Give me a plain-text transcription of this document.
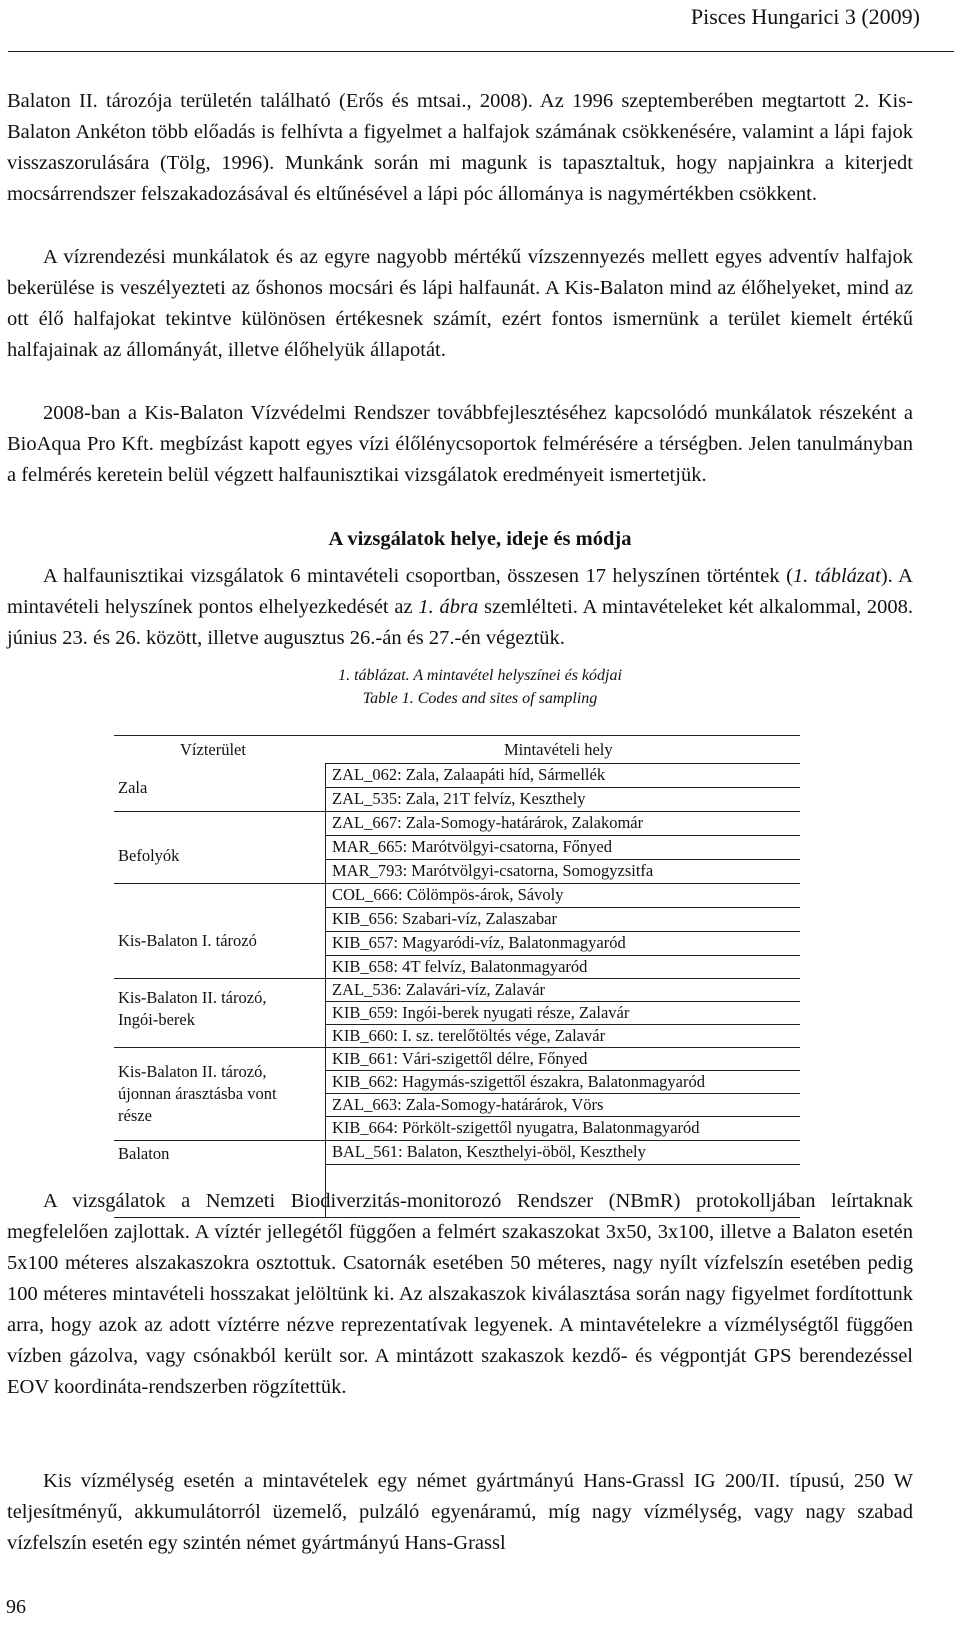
Pisces Hungarici 3 (2009)
Balaton II. tározója területén található (Erős és mtsai., 2008). Az 1996 szeptemberében megtartott 2. Kis-Balaton Ankéton több előadás is felhívta a figyelmet a halfajok számának csökkenésére, valamint a lápi fajok visszaszorulására (Tölg, 1996). Munkánk során mi magunk is tapasztaltuk, hogy napjainkra a kiterjedt mocsárrendszer felszakadozásával és eltűnésével a lápi póc állománya is nagymértékben csökkent.
A vízrendezési munkálatok és az egyre nagyobb mértékű vízszennyezés mellett egyes adventív halfajok bekerülése is veszélyezteti az őshonos mocsári és lápi halfaunát. A Kis-Balaton mind az élőhelyeket, mind az ott élő halfajokat tekintve különösen értékesnek számít, ezért fontos ismernünk a terület kiemelt értékű halfajainak az állományát, illetve élőhelyük állapotát.
2008-ban a Kis-Balaton Vízvédelmi Rendszer továbbfejlesztéséhez kapcsolódó munkálatok részeként a BioAqua Pro Kft. megbízást kapott egyes vízi élőlénycsoportok felmérésére a térségben. Jelen tanulmányban a felmérés keretein belül végzett halfaunisztikai vizsgálatok eredményeit ismertetjük.
A vizsgálatok helye, ideje és módja
A halfaunisztikai vizsgálatok 6 mintavételi csoportban, összesen 17 helyszínen történtek (1. táblázat). A mintavételi helyszínek pontos elhelyezkedését az 1. ábra szemlélteti. A mintavételeket két alkalommal, 2008. június 23. és 26. között, illetve augusztus 26.-án és 27.-én végeztük.
1. táblázat. A mintavétel helyszínei és kódjai
Table 1. Codes and sites of sampling
Vízterület	Mintavételi hely
Zala
Befolyók
Kis-Balaton I. tározó
Kis-Balaton II. tározó, Ingói-berek
Kis-Balaton II. tározó, újonnan árasztásba vont része
Balaton
ZAL_062: Zala, Zalaapáti híd, Sármellék
ZAL_535: Zala, 21T felvíz, Keszthely
ZAL_667: Zala-Somogy-határárok, Zalakomár
MAR_665: Marótvölgyi-csatorna, Főnyed
MAR_793: Marótvölgyi-csatorna, Somogyzsitfa
COL_666: Cölömpös-árok, Sávoly
KIB_656: Szabari-víz, Zalaszabar
KIB_657: Magyaródi-víz, Balatonmagyaród
KIB_658: 4T felvíz, Balatonmagyaród
ZAL_536: Zalavári-víz, Zalavár
KIB_659: Ingói-berek nyugati része, Zalavár
KIB_660: I. sz. terelőtöltés vége, Zalavár
KIB_661: Vári-szigettől délre, Főnyed
KIB_662: Hagymás-szigettől északra, Balatonmagyaród
ZAL_663: Zala-Somogy-határárok, Vörs
KIB_664: Pörkölt-szigettől nyugatra, Balatonmagyaród
BAL_561: Balaton, Keszthelyi-öböl, Keszthely
A vizsgálatok a Nemzeti Biodiverzitás-monitorozó Rendszer (NBmR) protokolljában leírtaknak megfelelően zajlottak. A víztér jellegétől függően a felmért szakaszokat 3x50, 3x100, illetve a Balaton esetén 5x100 méteres alszakaszokra osztottuk. Csatornák esetében 50 méteres, nagy nyílt vízfelszín esetében pedig 100 méteres mintavételi hosszakat jelöltünk ki. Az alszakaszok kiválasztása során nagy figyelmet fordítottunk arra, hogy azok az adott víztérre nézve reprezentatívak legyenek. A mintavételekre a vízmélységtől függően vízben gázolva, vagy csónakból került sor. A mintázott szakaszok kezdő- és végpontját GPS berendezéssel EOV koordináta-rendszerben rögzítettük.
Kis vízmélység esetén a mintavételek egy német gyártmányú Hans-Grassl IG 200/II. típusú, 250 W teljesítményű, akkumulátorról üzemelő, pulzáló egyenáramú, míg nagy vízmélység, vagy nagy szabad vízfelszín esetén egy szintén német gyártmányú Hans-Grassl
96
